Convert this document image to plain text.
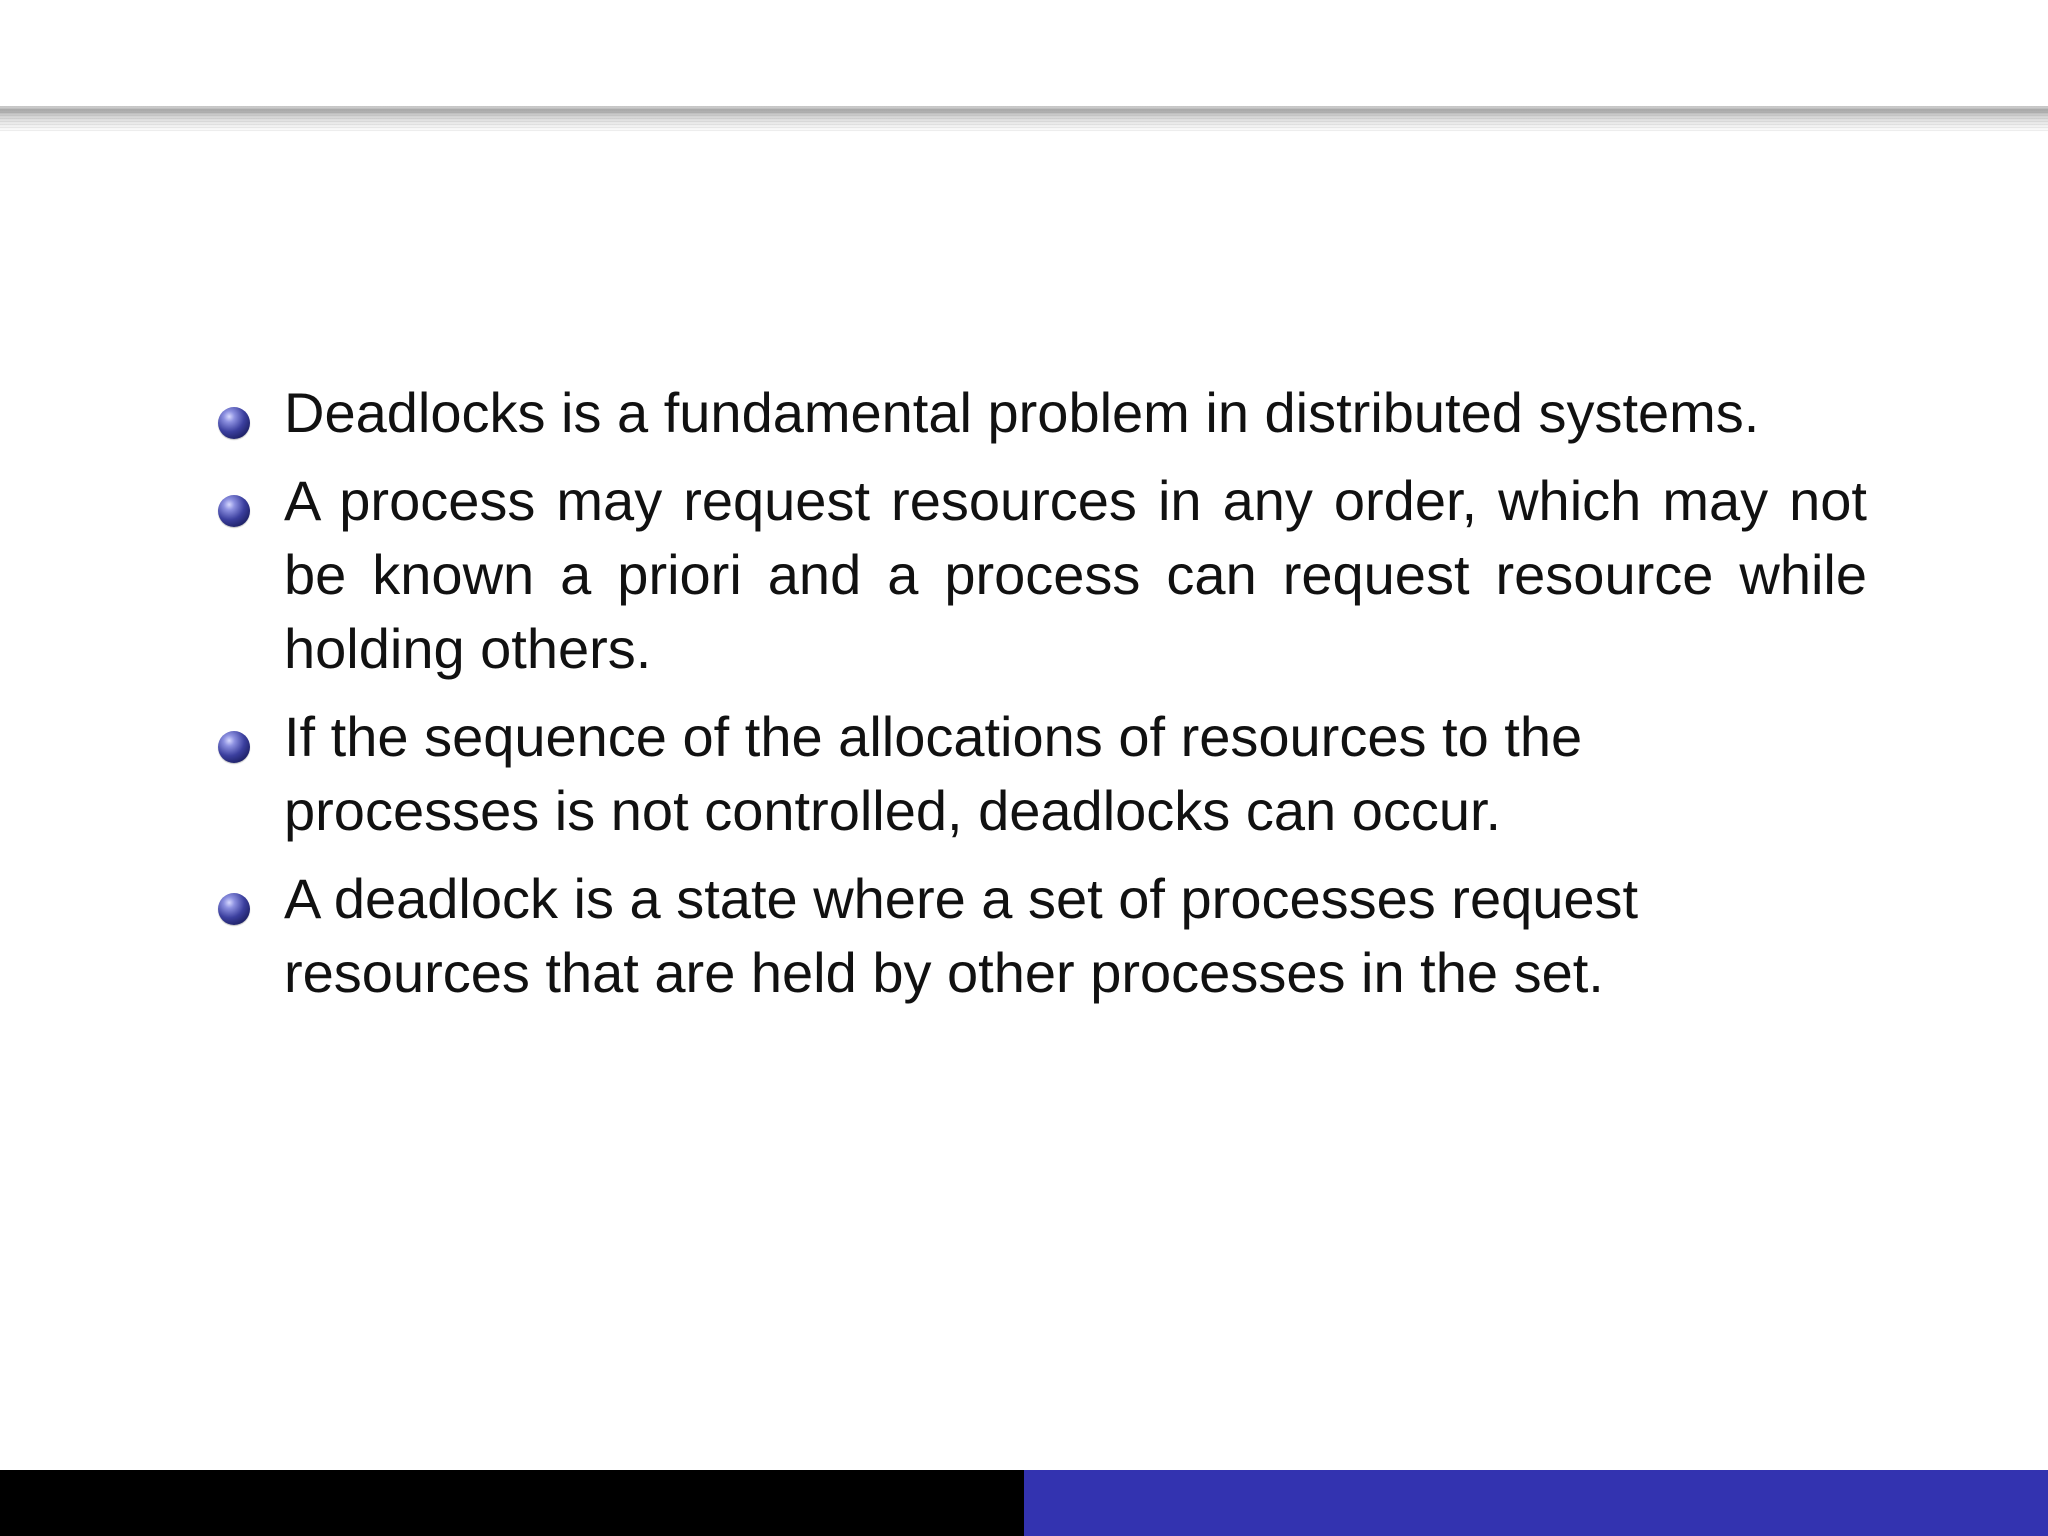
Deadlocks is a fundamental problem in distributed systems.
A process may request resources in any order, which may not be known a priori and a process can request resource while holding others.
If the sequence of the allocations of resources to the processes is not controlled, deadlocks can occur.
A deadlock is a state where a set of processes request resources that are held by other processes in the set.
